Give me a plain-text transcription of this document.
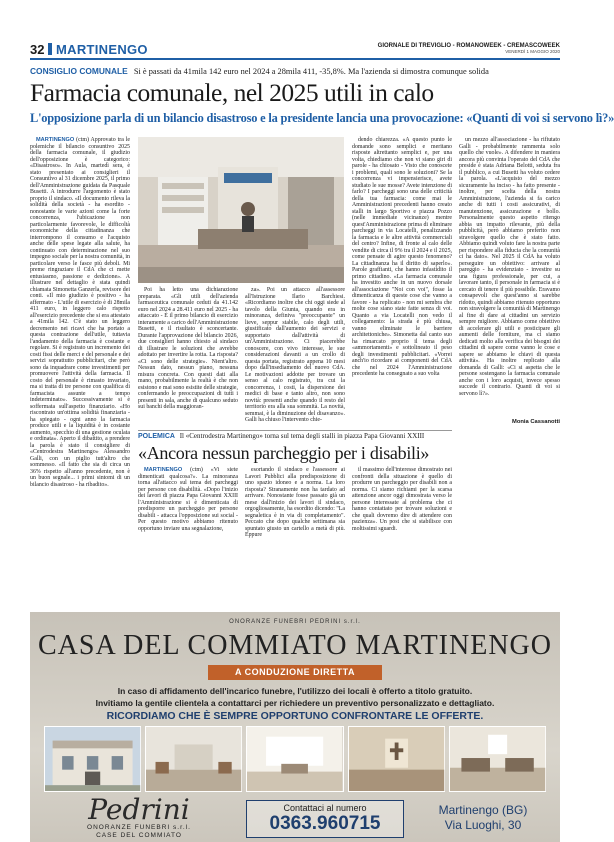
32 MARTINENGO	GIORNALE DI TREVIGLIO - ROMANOWEEK - CREMASCOWEEK
VENERDÌ 1 MAGGIO 2020
CONSIGLIO COMUNALE Si è passati da 41mila 142 euro nel 2024 a 28mila 411, -35,8%. Ma l'azienda si dimostra comunque solida
Farmacia comunale, nel 2025 utili in calo
L'opposizione parla di un bilancio disastroso e la presidente lancia una provocazione: «Quanti di voi si servono lì?»

MARTINENGO (ctm) Approvato tra le polemiche il bilancio consuntivo 2025 della farmacia comunale, il giudizio dell'opposizione è categorico: «Disastroso». In Aula, martedì sera, è stato presentato ai consiglieri il Consuntivo al 31 dicembre 2025, il primo dell'Amministrazione guidata da Pasquale Busetti. A introdurre l'argomento è stato proprio il sindaco. «Il documento rileva la solidità della società - ha esordito - nonostante le varie azioni come la forte concorrenza, l'ubicazione non particolarmente favorevole, le difficoltà economiche della cittadinanza che interrompono il consumo e l'acquisto anche delle spese legate alla salute, ha continuato con determinazione nel suo impegno sociale per la nostra comunità, in particolare verso le fasce più deboli. Mi preme ringraziare il CdA che ci mette entusiasmo, passione e dedizione». A illustrare nel dettaglio è stata quindi chiamata Simonetta Ganzerla, revisore dei conti. «Il mio giudizio è positivo - ha affermato - L'utile di esercizio è di 28mila 411 euro, in leggero calo rispetto all'esercizio precedente che si era attestato a 41mila 142. C'è stato un leggero decremento nei ricavi che ha portato a questa contrazione dell'utile, tuttavia l'andamento della farmacia è costante e regolare. Si è registrato un incremento dei costi fissi delle merci e del personale e dei servizi soprattutto pubblicitari, che però sono da inquadrare come investimenti per promuovere l'attività della farmacia. Il costo del personale è rimasto invariato, ma si tratta di tre persone con qualifica di farmacista assunte a tempo indeterminato». Successivamente si è soffermata sull'aspetto finanziario. «Ho riscontrato un'ottima solidità finanziaria - ha spiegato - ogni anno la farmacia produce utili e la liquidità è in costante aumento, specchio di una gestione oculata e ordinata». Aperto il dibattito, a prendere la parola è stato il consigliere di «Centrodestra Martinengo» Alessandro Galli, con un piglio tutt'altro che sommesso. «Il fatto che sia di circa un 36% rispetto all'anno precedente, non è un buon segnale... i primi sintomi di un bilancio disastroso - ha ribadito».

Poi ha letto una dichiarazione preparata. «Gli utili dell'azienda farmaceutica comunale ceduti da 41.142 euro nel 2024 a 28.411 euro nel 2025 - ha attaccato - È il primo bilancio di esercizio interamente a carico dell'Amministrazione Busetti, e il risultato è sconcertante. Durante l'approvazione del bilancio 2026, due consiglieri hanno chiesto al sindaco di illustrare le soluzioni che avrebbe adottato per invertire la rotta. La risposta? «Ci sono delle strategie». Nient'altro. Nessun dato, nessun piano, nessuna misura concreta. Con questi dati alla mano, probabilmente la realtà è che non esistono e mai sono esistite delle strategie, confermando le preoccupazioni di tutti i presenti in sala, anche di qualcuno seduto sui banchi della maggioran-

za». Poi un attacco all'assessore all'Istruzione Ilario Barchiesi. «Ricordiamo inoltre che chi oggi siede al tavolo della Giunta, quando era in minoranza, definiva "preoccupante" un lieve, seppur stabile, calo degli utili, giustificato dall'aumento dei servizi e supportato dall'attività di un'Amministrazione. Ci piacerebbe conoscere, con vivo interesse, le sue considerazioni davanti a un crollo di questa portata, registrato appena 10 mesi dopo dall'insediamento del nuovo CdA. Le motivazioni addotte per trovare un senso al calo registrato, tra cui la concorrenza, i costi, la dispersione dei medici di base e tanto altro, non sono novità: presenti anche quando il resto del territorio era alla sua sommità. La novità, semmai, è la diminuzione del disavanzo». Galli ha chiuso l'intervento chie-

dendo chiarezza. «A questo punto le domande sono semplici e meritano risposte altrettanto semplici e, per una volta, chiediamo che non vi siano giri di parole - ha chiosato - Visto che conoscete i problemi, quali sono le soluzioni? Se la concorrenza vi impensierisce, avete studiato le sue mosse? Avete intenzione di farlo? I parcheggi sono una delle criticità della tua farmacia: come mai le Amministrazioni precedenti hanno creato stalli in largo Sportivo e piazza Pozzo (nelle immediate vicinanze) mentre quest'Amministrazione prima di eliminare parcheggi in via Locatelli, penalizzando la farmacia e le altre attività commerciali del centro? Infine, di fronte al calo delle vendite di circa il 9% tra il 2024 e il 2025, come pensate di agire questo fenomeno? La cittadinanza ha il diritto di saperlo». Parole graffianti, che hanno infastidito il primo cittadino. «La farmacia comunale ha investito anche in un nuovo dorsale all'associazione "Noi con voi", fosse la dimenticanza di queste cose che vanno a favore - ha replicato - non mi sembra che molte cose siano state fatte senza di voi. Quanto a via Locatelli non vedo il collegamento: la strada è più chiusa, vanno eliminate le barriere architettoniche». Simonetta dal canto suo ha rimarcato proprio il tema degli «ammortamenti» e sottolineato il peso degli investimenti pubblicitari. «Vorrei anch'io ricordare ai componenti del CdA che nel 2024 l'Amministrazione precedente ha consegnato a suo volta

un mezzo all'associazione - ha rifiutato Galli - probabilmente rammenta solo quello che vuole». A difendere in maniera ancora più convinta l'operato del CdA che preside è stata Adriana Belotti, seduta fra il pubblico, a cui Busetti ha voluto cedere la parola. «L'acquisto del mezzo sicuramente ha inciso - ha fatto presente - inoltre, per scelta della nostra Amministrazione, l'azienda si fa carico anche di tutti i costi assicurativi, di manutenzione, assicurazione e bollo. Personalmente questo aspetto ritengo abbia un impatto rilevante, più della pubblicità, però abbiamo preferito non stravolgere quello che è stato fatto. Abbiamo quindi voluto fare la nostra parte per rispondere alla fiducia che la comunità ci ha dato». Nel 2025 il CdA ha voluto perseguire un obiettivo: arrivare al pareggio - ha evidenziato - investire su una figura professionale, per cui, a lavorare tanto, il personale in farmacia si è cercato di tenere il più possibile. Eravamo consapevoli che quest'anno si sarebbe ridotto, quindi abbiamo ritenuto opportuno non stravolgere la comunità di Martinengo al fine di dare ai cittadini un servizio sempre migliore. Abbiamo come obiettivo di accelerare gli utili e posticipare gli aumenti delle forniture, ma ci siamo dedicati molto alla verifica dei bisogni dei cittadini di sapere come vanno le cose e sapere se abbiamo le chiavi di questa attività». Ha inoltre replicato alla domanda di Galli: «Ci si aspetta che le persone sostengano la farmacia comunale anche con i loro acquisti, invece spesso succede il contrario. Quanti di voi si servono lì?».

Monia Cassanotti
POLEMICA Il «Centrodestra Martinengo» torna sul tema degli stalli in piazza Papa Giovanni XXIII
«Ancora nessun parcheggio per i disabili»

MARTINENGO (ctm) «Vi siete dimenticati qualcosa?». La minoranza torna all'attacco sul tema dei parcheggi per persone con disabilità. «Dopo l'inizio dei lavori di piazza Papa Giovanni XXIII l'Amministrazione si è dimenticata di predisporre un parcheggio per persone disabili - attacca l'opposizione sui social - Per questo motivo abbiamo ritenuto opportuno inviare una segnalazione,

esortando il sindaco e l'assessore ai Lavori Pubblici alla predisposizione di uno spazio idoneo e a norma. La loro risposta? Stranamente non ha tardato ad arrivare. Nonostante fosse passato già un mese dall'inizio dei lavori il sindaco, orgogliosamente, ha esordito dicendo: "La segnaletica è in via di completamento". Peccato che dopo qualche settimana sia spuntato giusto un cartello a metà di più. Eppure

il massimo dell'interesse dimostrato nei confronti della situazione è quello di produrre un parcheggio per disabili non a norma. Ci siamo richiami per la scarsa attenzione ancor oggi dimostrata verso le persone interessate al problema che ci hanno contattato per trovare soluzioni e che quali dovremo dire di attendere con pazienza». Un post che si stabilisce con moltissimi sguardi.

ONORANZE FUNEBRI PEDRINI s.r.l.
CASA DEL COMMIATO MARTINENGO
A CONDUZIONE DIRETTA
In caso di affidamento dell'incarico funebre, l'utilizzo dei locali è offerto a titolo gratuito.
Invitiamo la gentile clientela a contattarci per richiedere un preventivo personalizzato e dettagliato.
RICORDIAMO CHE È SEMPRE OPPORTUNO CONFRONTARE LE OFFERTE.
Pedrini
ONORANZE FUNEBRI s.r.l.
CASE DEL COMMIATO
Contattaci al numero
0363.960715
Martinengo (BG)
Via Luoghi, 30
